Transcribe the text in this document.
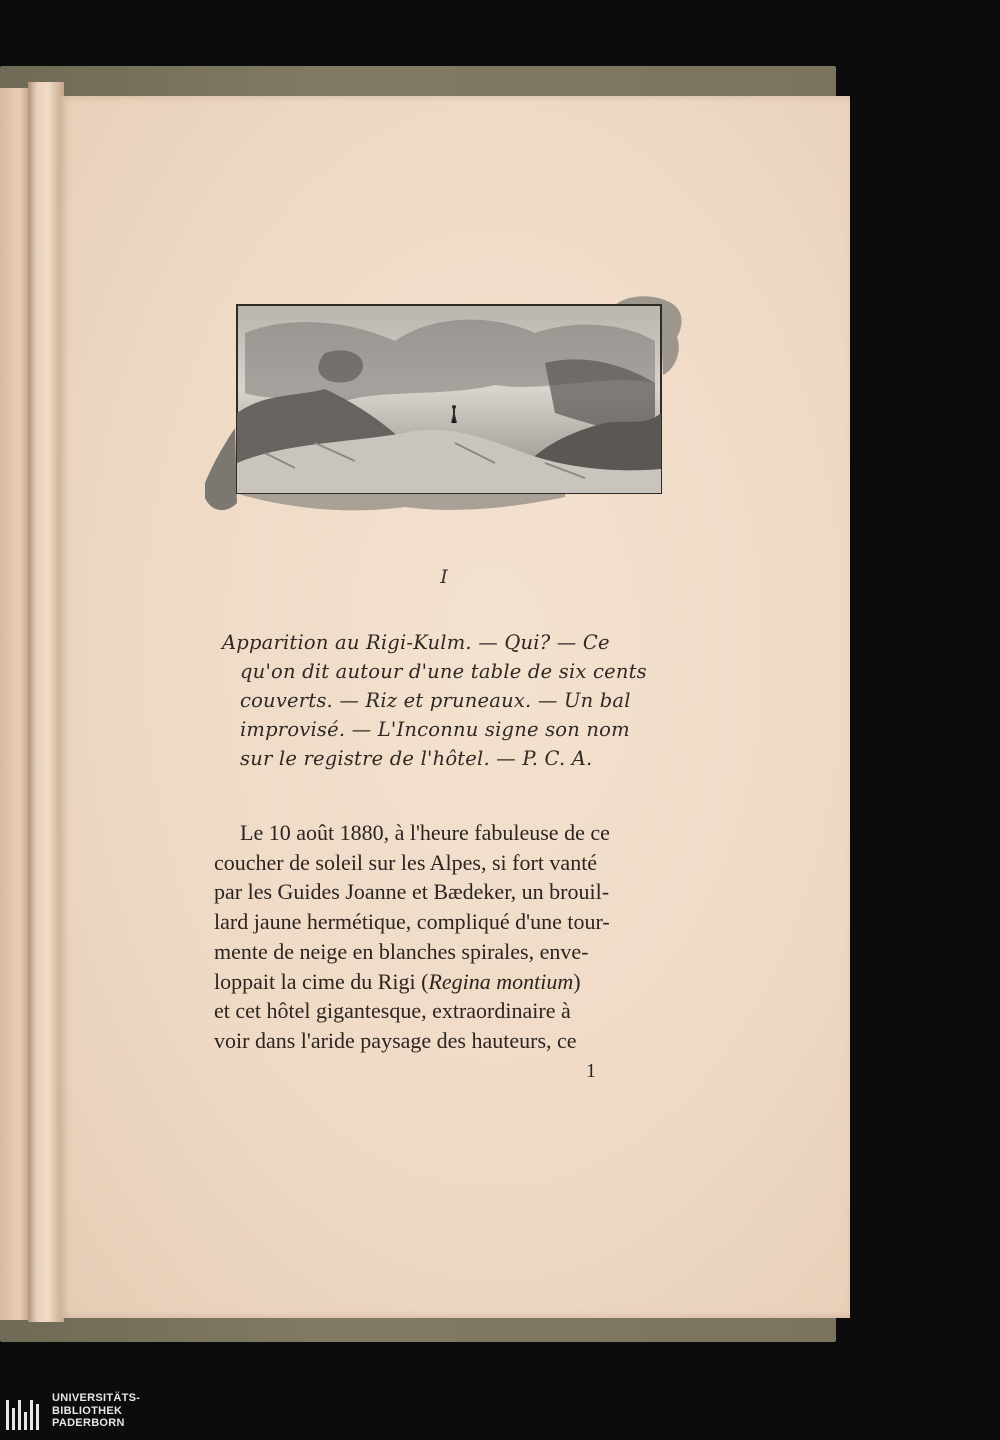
I
Apparition au Rigi-Kulm. — Qui? — Ce
qu'on dit autour d'une table de six cents
couverts. — Riz et pruneaux. — Un bal
improvisé. — L'Inconnu signe son nom
sur le registre de l'hôtel. — P. C. A.
Le 10 août 1880, à l'heure fabuleuse de ce
coucher de soleil sur les Alpes, si fort vanté
par les Guides Joanne et Bædeker, un brouil-
lard jaune hermétique, compliqué d'une tour-
mente de neige en blanches spirales, enve-
loppait la cime du Rigi (Regina montium)
et cet hôtel gigantesque, extraordinaire à
voir dans l'aride paysage des hauteurs, ce
1
UNIVERSITÄTS-
BIBLIOTHEK
PADERBORN
